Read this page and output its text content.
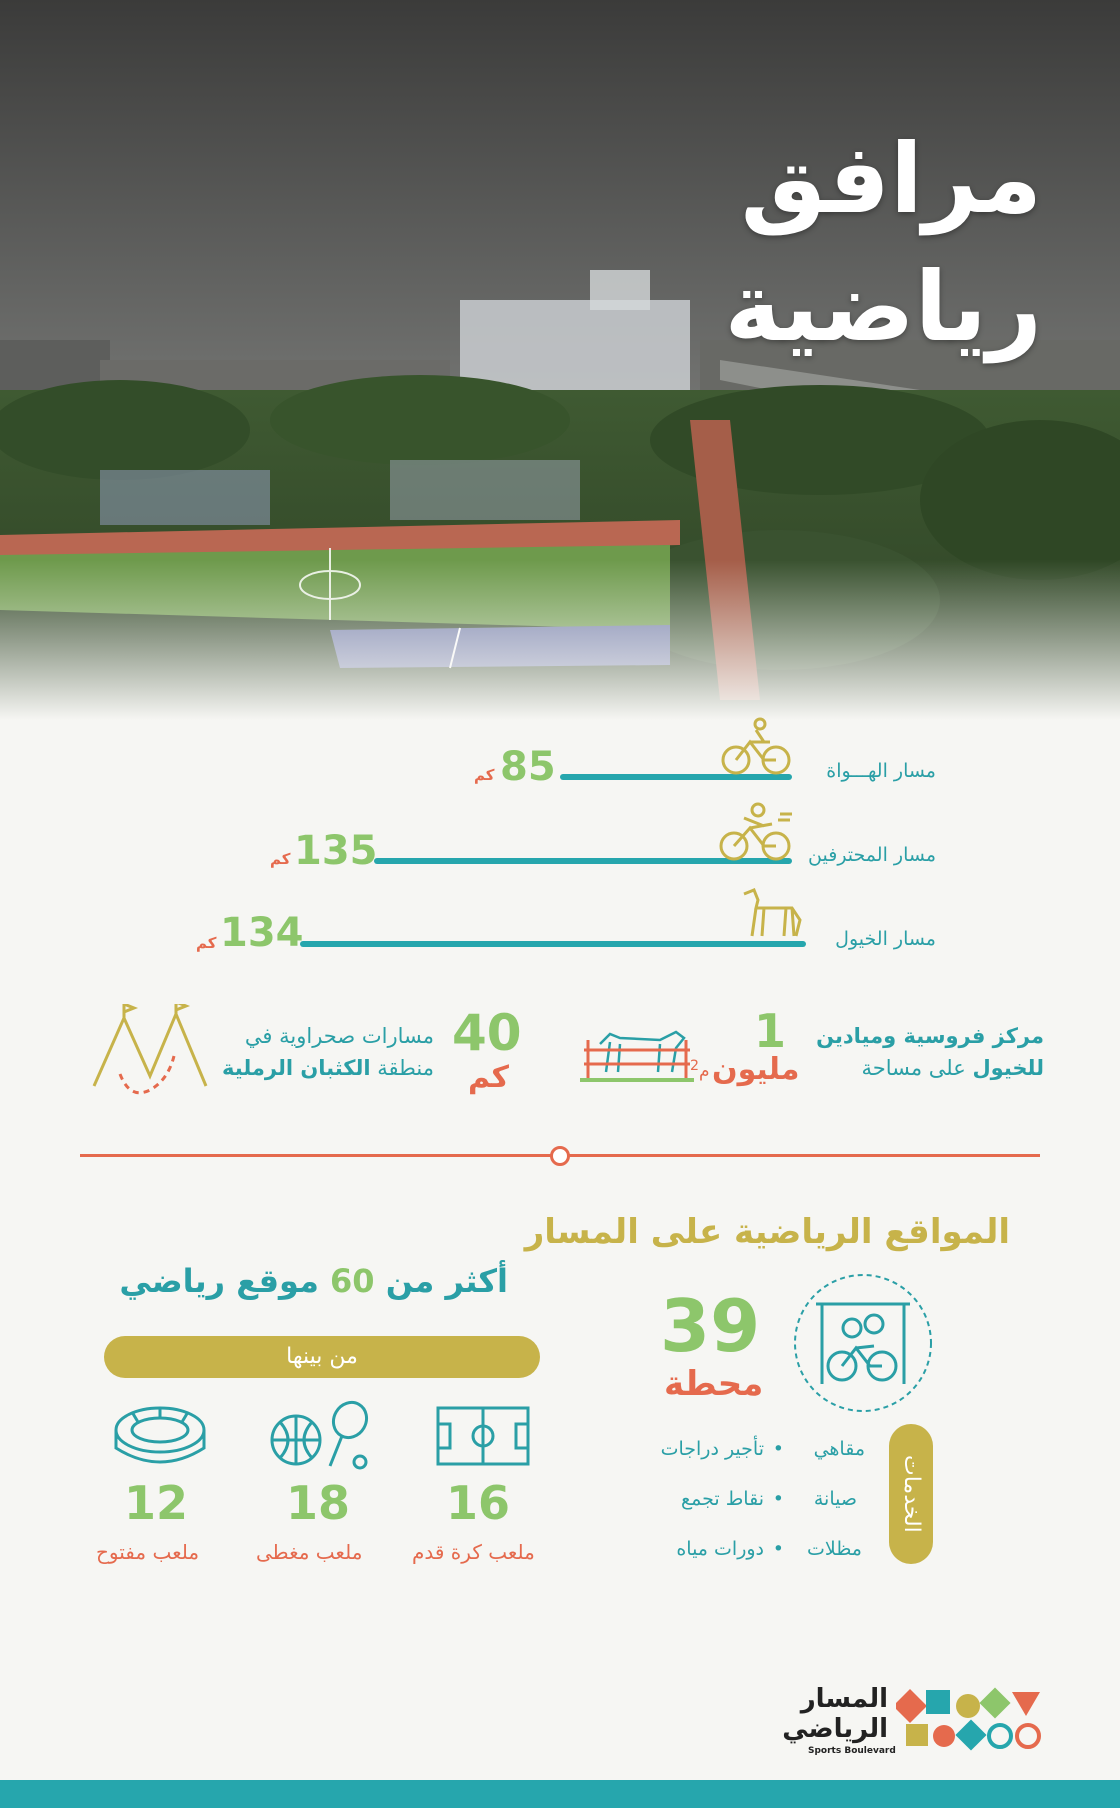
مرافق
رياضية
مسار الهـــواة
85
كم
مسار المحترفين
135
كم
مسار الخيول
134
كم
مركز فروسية وميادين
للخيول على مساحة
1
مليون
م$^2$
مسارات صحراوية في
منطقة الكثبان الرملية
40
كم
المواقع الرياضية على المسار
39
محطة
الخدمات
مقاهي
•
تأجير دراجات
صيانة
•
نقاط تجمع
مظلات
•
دورات مياه
أكثر من 60 موقع رياضي
من بينها
16
ملعب كرة قدم
18
ملعب مغطى
12
ملعب مفتوح
المسار
الرياضي
Sports Boulevard
